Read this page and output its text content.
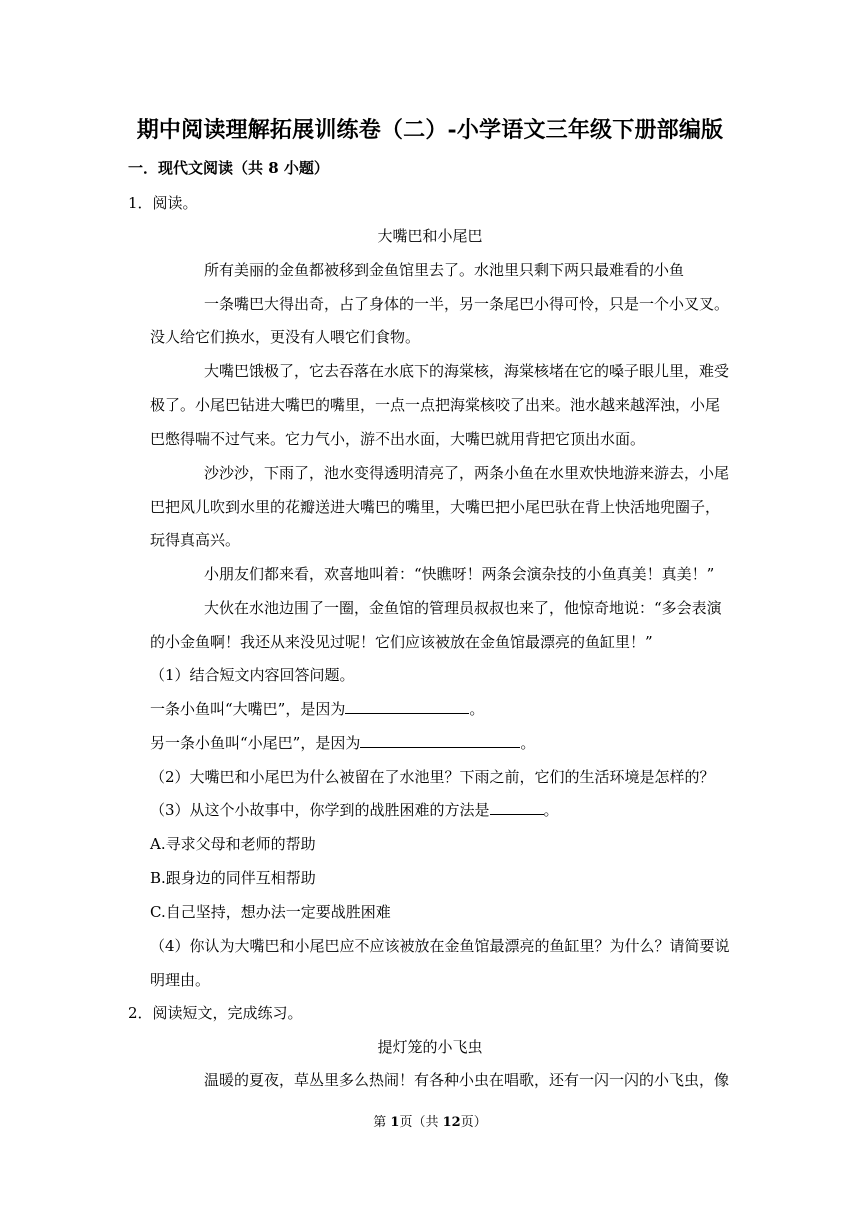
期中阅读理解拓展训练卷（二）-小学语文三年级下册部编版
一．现代文阅读（共 8 小题）
1．阅读。
大嘴巴和小尾巴
所有美丽的金鱼都被移到金鱼馆里去了。水池里只剩下两只最难看的小鱼
一条嘴巴大得出奇，占了身体的一半，另一条尾巴小得可怜，只是一个小叉叉。
没人给它们换水，更没有人喂它们食物。
大嘴巴饿极了，它去吞落在水底下的海棠核，海棠核堵在它的嗓子眼儿里，难受
极了。小尾巴钻进大嘴巴的嘴里，一点一点把海棠核咬了出来。池水越来越浑浊，小尾
巴憋得喘不过气来。它力气小，游不出水面，大嘴巴就用背把它顶出水面。
沙沙沙，下雨了，池水变得透明清亮了，两条小鱼在水里欢快地游来游去，小尾
巴把风儿吹到水里的花瓣送进大嘴巴的嘴里，大嘴巴把小尾巴驮在背上快活地兜圈子，
玩得真高兴。
小朋友们都来看，欢喜地叫着：“快瞧呀！两条会演杂技的小鱼真美！真美！”
大伙在水池边围了一圈，金鱼馆的管理员叔叔也来了，他惊奇地说：“多会表演
的小金鱼啊！我还从来没见过呢！它们应该被放在金鱼馆最漂亮的鱼缸里！”
（1）结合短文内容回答问题。
一条小鱼叫“大嘴巴”，是因为	。
另一条小鱼叫“小尾巴”，是因为	。
（2）大嘴巴和小尾巴为什么被留在了水池里？下雨之前，它们的生活环境是怎样的？
（3）从这个小故事中，你学到的战胜困难的方法是	。
A.寻求父母和老师的帮助
B.跟身边的同伴互相帮助
C.自己坚持，想办法一定要战胜困难
（4）你认为大嘴巴和小尾巴应不应该被放在金鱼馆最漂亮的鱼缸里？为什么？请简要说
明理由。
2．阅读短文，完成练习。
提灯笼的小飞虫
温暖的夏夜，草丛里多么热闹！有各种小虫在唱歌，还有一闪一闪的小飞虫，像
第 1页（共 12页）
